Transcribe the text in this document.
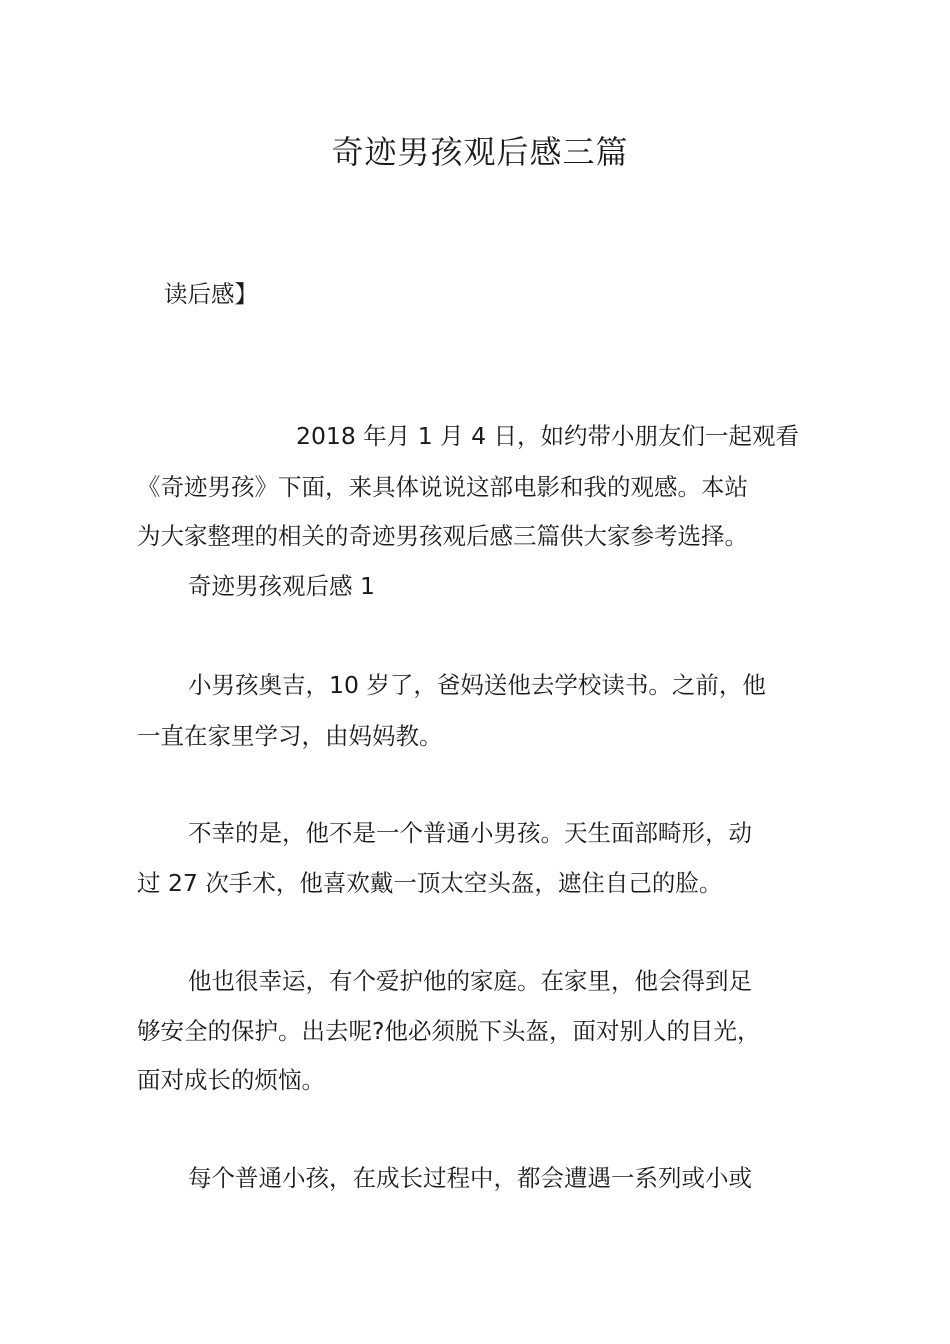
奇迹男孩观后感三篇
读后感】
2018 年月 1 月 4 日，如约带小朋友们一起观看
《奇迹男孩》下面，来具体说说这部电影和我的观感。本站
为大家整理的相关的奇迹男孩观后感三篇供大家参考选择。
奇迹男孩观后感 1
小男孩奥吉，10 岁了，爸妈送他去学校读书。之前，他
一直在家里学习，由妈妈教。
不幸的是，他不是一个普通小男孩。天生面部畸形，动
过 27 次手术，他喜欢戴一顶太空头盔，遮住自己的脸。
他也很幸运，有个爱护他的家庭。在家里，他会得到足
够安全的保护。出去呢?他必须脱下头盔，面对别人的目光，
面对成长的烦恼。
每个普通小孩，在成长过程中，都会遭遇一系列或小或
